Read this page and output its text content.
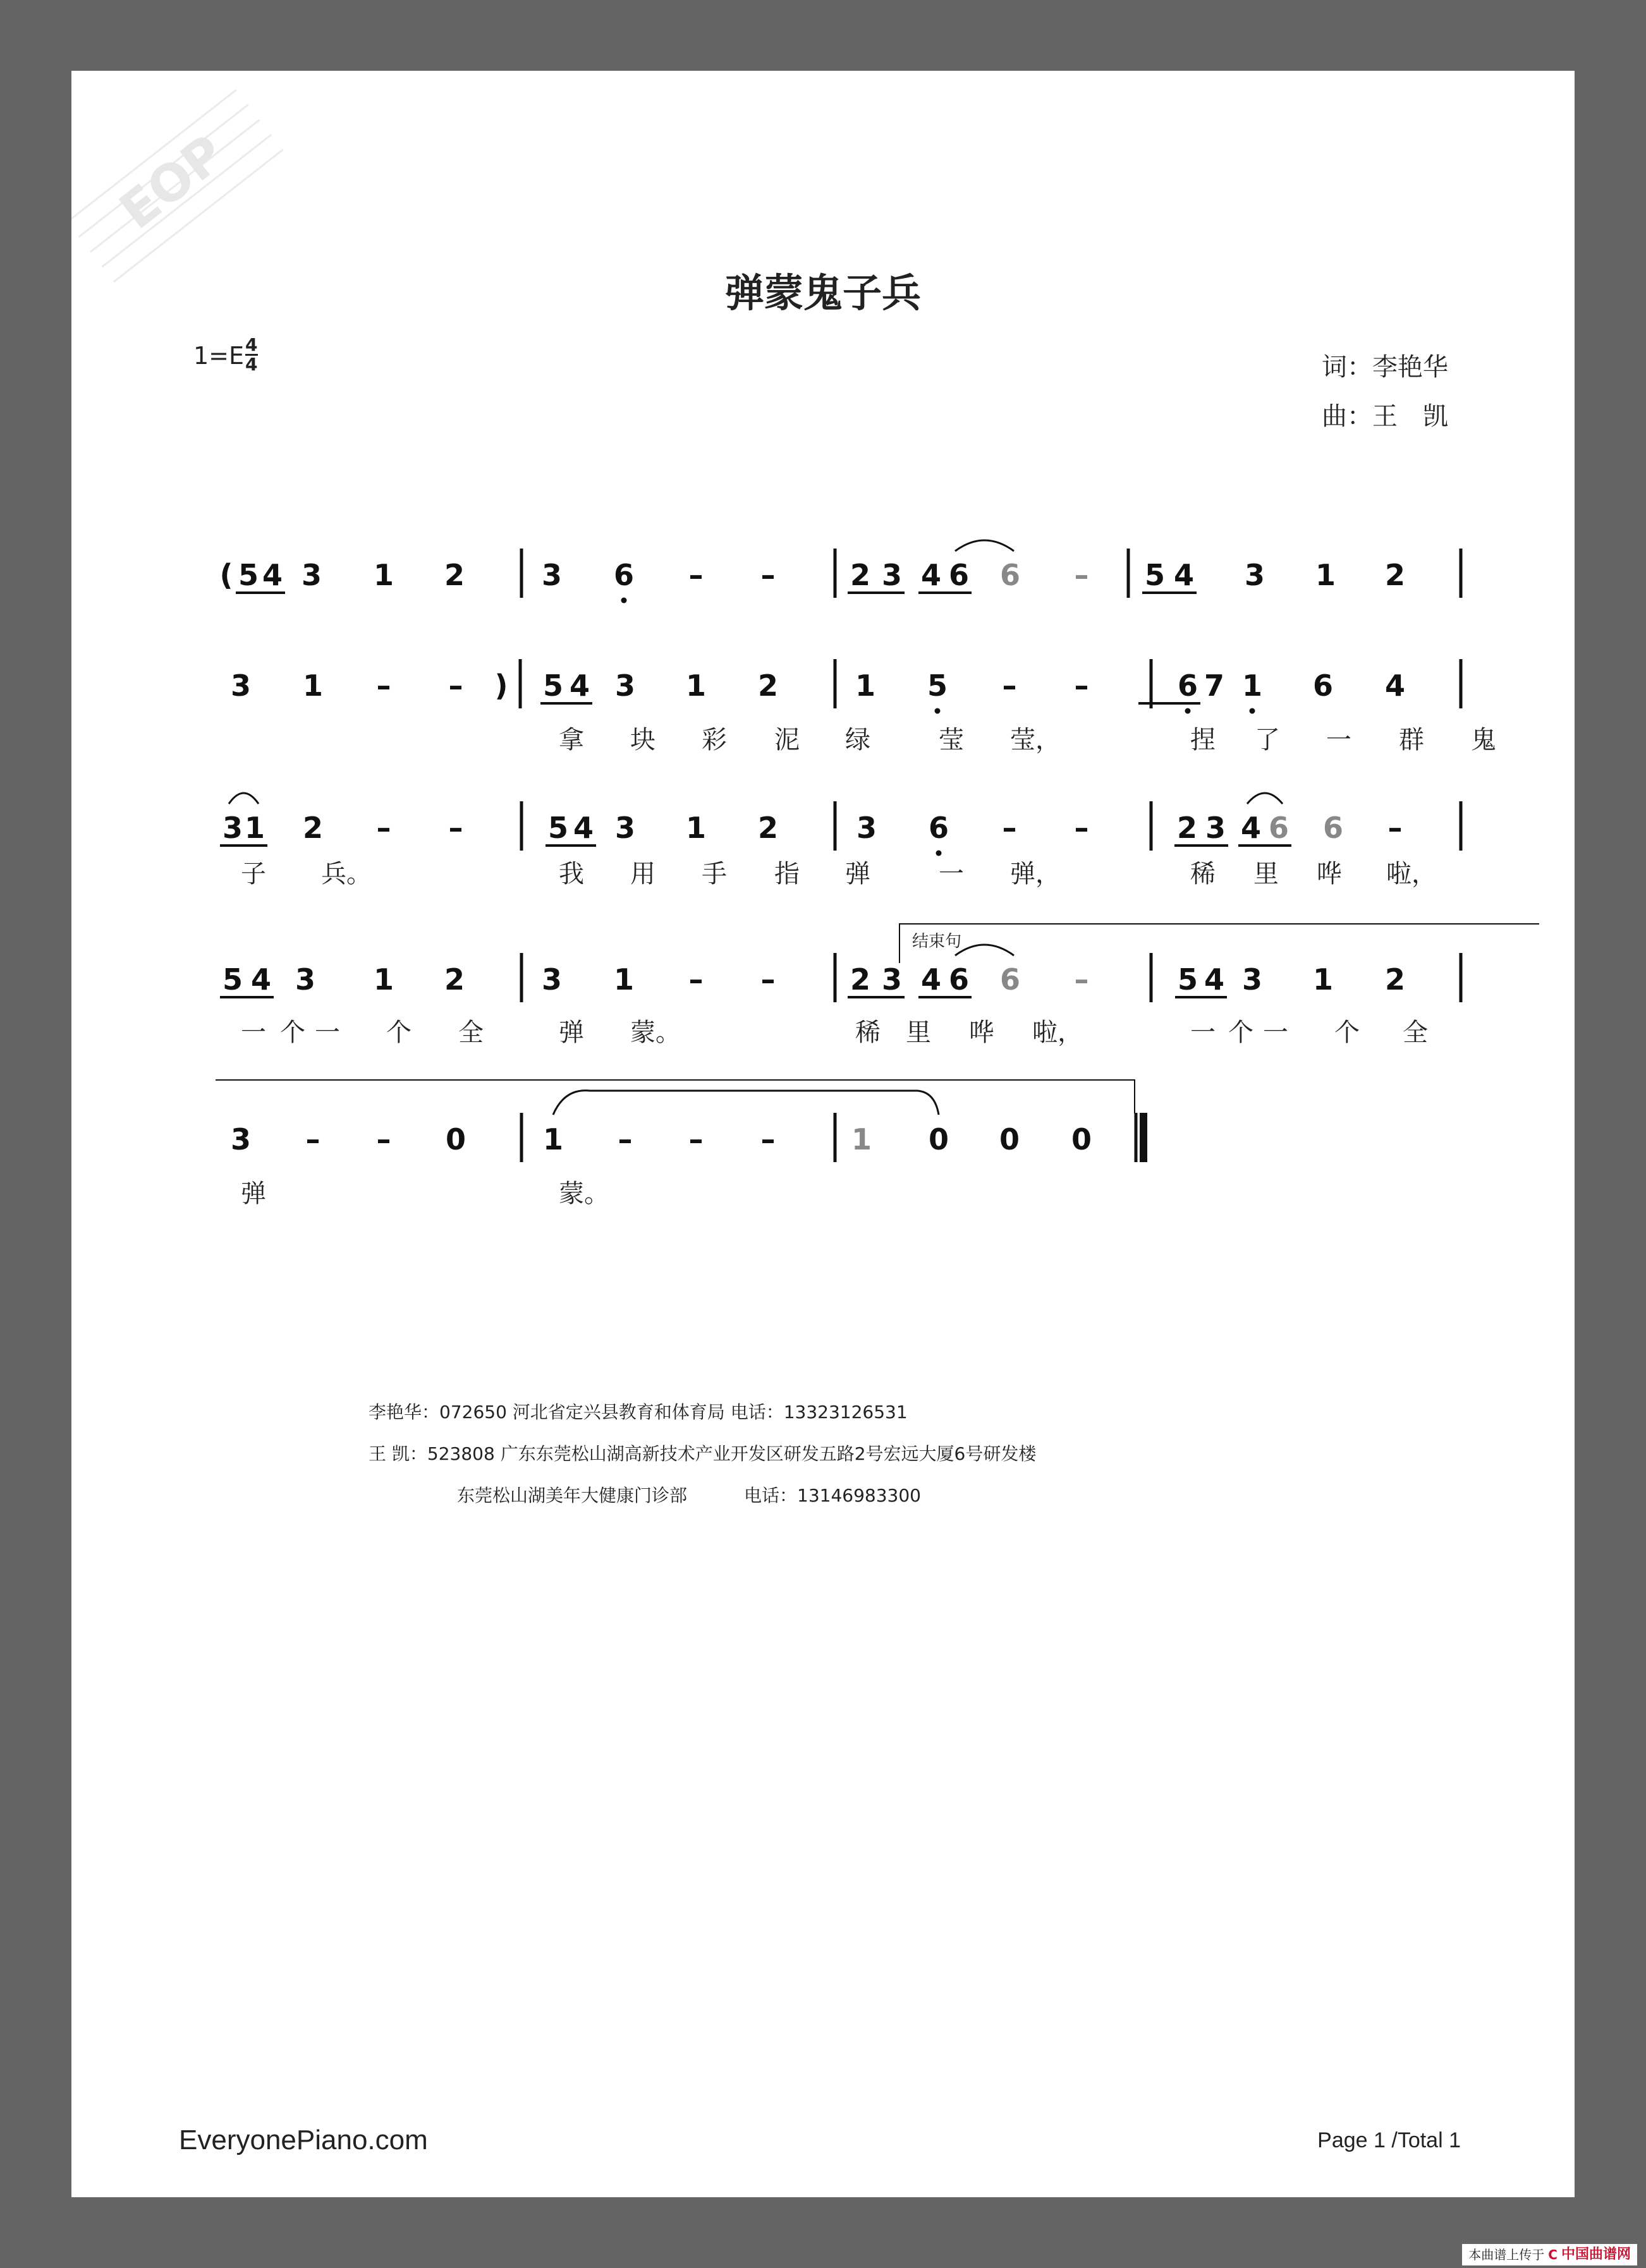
EOP
( 5 4 3 1 2	3 6 – –	2 3 4 6 6 – 5 4 3 1 2
3 1 – – ) 5 4 3 1 2	1 5 – –	6 7 1 6 4
拿 块 彩 泥 绿	莹 莹，	捏 了 一 群 鬼
3 1 2 – –	5 4 3 1 2	3 6 – –	2 3 4 6 6 –
子 兵。	我 用 手 指 弹	一 弹，	稀 里 哗 啦，
5 4 3 1 2	3 1 – –	2 3 4 6 6 –	5 4 3 1 2
一 个 一 个 全	弹 蒙。	稀 里 哗 啦，	一 个 一 个 全
3 – – 0	1 – – –	1 0 0 0
弹	蒙。
结束句
弹蒙鬼子兵
$1=E \frac{4}{4}$	词：李艳华
曲：王　凯
李艳华：072650 河北省定兴县教育和体育局 电话：13323126531
王 凯：523808 广东东莞松山湖高新技术产业开发区研发五路2号宏远大厦6号研发楼
东莞松山湖美年大健康门诊部	电话：13146983300
EveryonePiano.com	Page 1 /Total 1
本曲谱上传于 C 中国曲谱网
